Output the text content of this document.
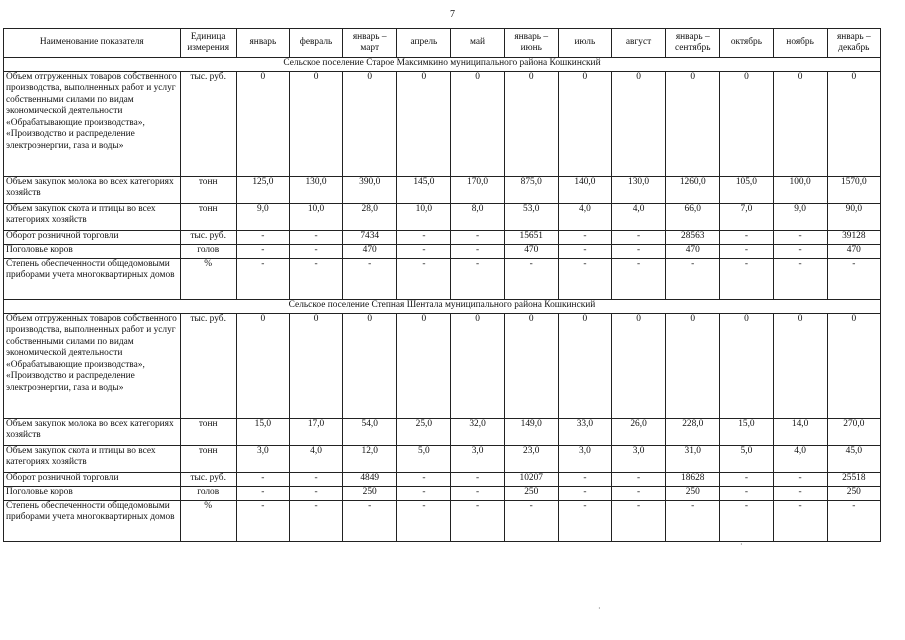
7
Наименование показателя	Единица измерения	январь	февраль	январь – март	апрель	май	январь – июнь	июль	август	январь – сентябрь	октябрь	ноябрь	январь – декабрь
Сельское поселение Старое Максимкино муниципального района Кошкинский													
Объем отгруженных товаров собственного производства, выполненных работ и услуг собственными силами по видам экономической деятельности «Обрабатывающие производства», «Производство и распределение электроэнергии, газа и воды»	тыс. руб.	0	0	0	0	0	0	0	0	0	0	0	0
Объем закупок молока во всех категориях хозяйств	тонн	125,0	130,0	390,0	145,0	170,0	875,0	140,0	130,0	1260,0	105,0	100,0	1570,0
Объем закупок скота и птицы во всех категориях хозяйств	тонн	9,0	10,0	28,0	10,0	8,0	53,0	4,0	4,0	66,0	7,0	9,0	90,0
Оборот розничной торговли	тыс. руб.	-	-	7434	-	-	15651	-	-	28563	-	-	39128
Поголовье коров	голов	-	-	470	-	-	470	-	-	470	-	-	470
Степень обеспеченности общедомовыми приборами учета многоквартирных домов	%	-	-	-	-	-	-	-	-	-	-	-	-
Сельское поселение Степная Шентала муниципального района Кошкинский													
Объем отгруженных товаров собственного производства, выполненных работ и услуг собственными силами по видам экономической деятельности «Обрабатывающие производства», «Производство и распределение электроэнергии, газа и воды»	тыс. руб.	0	0	0	0	0	0	0	0	0	0	0	0
Объем закупок молока во всех категориях хозяйств	тонн	15,0	17,0	54,0	25,0	32,0	149,0	33,0	26,0	228,0	15,0	14,0	270,0
Объем закупок скота и птицы во всех категориях хозяйств	тонн	3,0	4,0	12,0	5,0	3,0	23,0	3,0	3,0	31,0	5,0	4,0	45,0
Оборот розничной торговли	тыс. руб.	-	-	4849	-	-	10207	-	-	18628	-	-	25518
Поголовье коров	голов	-	-	250	-	-	250	-	-	250	-	-	250
Степень обеспеченности общедомовыми приборами учета многоквартирных домов	%	-	-	-	-	-	-	-	-	-	-	-	-
·
·
